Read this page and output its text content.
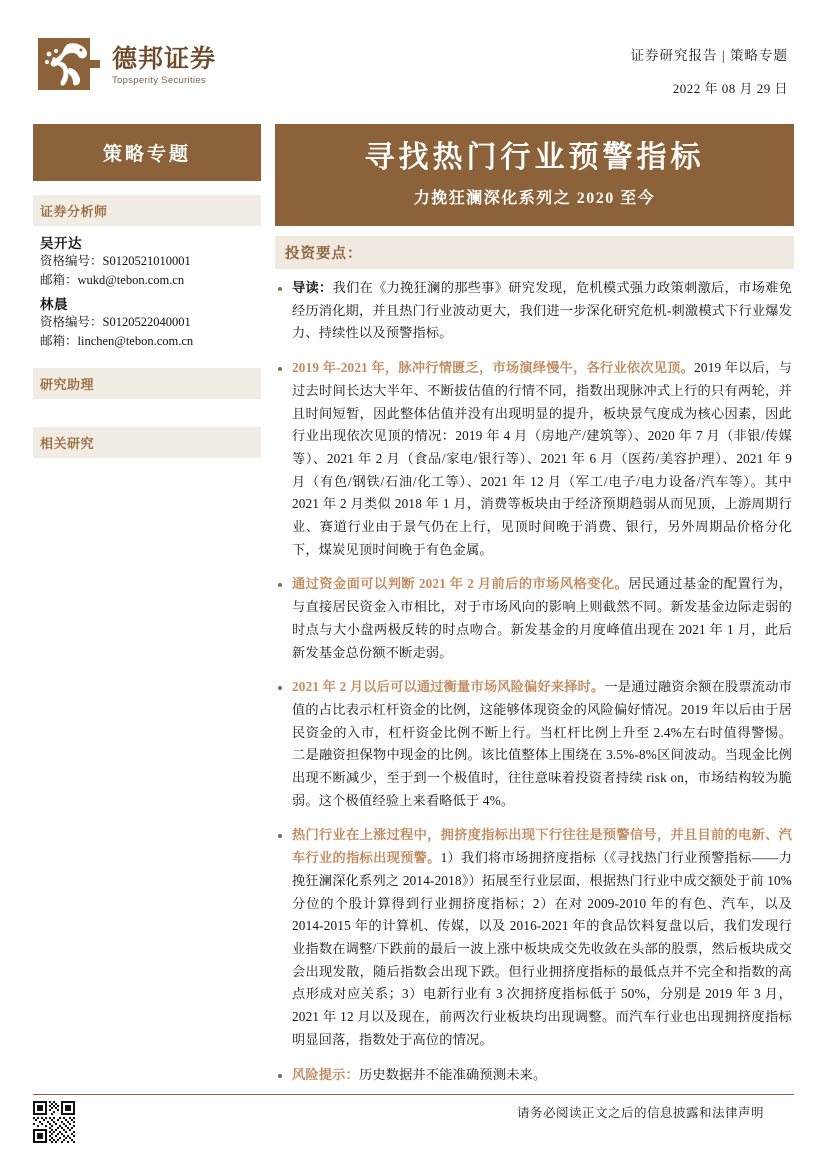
德邦证券
Topsperity Securities
证券研究报告 | 策略专题
2022 年 08 月 29 日
策略专题
证券分析师
吴开达
资格编号：S0120521010001
邮箱：wukd@tebon.com.cn
林晨
资格编号：S0120522040001
邮箱：linchen@tebon.com.cn
研究助理
相关研究
寻找热门行业预警指标
力挽狂澜深化系列之 2020 至今
投资要点：
导读：我们在《力挽狂澜的那些事》研究发现，危机模式强力政策刺激后，市场难免经历消化期，并且热门行业波动更大，我们进一步深化研究危机-刺激模式下行业爆发力、持续性以及预警指标。
2019 年-2021 年，脉冲行情匮乏，市场演绎慢牛，各行业依次见顶。2019 年以后，与过去时间长达大半年、不断拔估值的行情不同，指数出现脉冲式上行的只有两轮，并且时间短暂，因此整体估值并没有出现明显的提升，板块景气度成为核心因素，因此行业出现依次见顶的情况：2019 年 4 月（房地产/建筑等）、2020 年 7 月（非银/传媒等）、2021 年 2 月（食品/家电/银行等）、2021 年 6 月（医药/美容护理）、2021 年 9 月（有色/钢铁/石油/化工等）、2021 年 12 月（军工/电子/电力设备/汽车等）。其中 2021 年 2 月类似 2018 年 1 月，消费等板块由于经济预期趋弱从而见顶，上游周期行业、赛道行业由于景气仍在上行，见顶时间晚于消费、银行，另外周期品价格分化下，煤炭见顶时间晚于有色金属。
通过资金面可以判断 2021 年 2 月前后的市场风格变化。居民通过基金的配置行为，与直接居民资金入市相比，对于市场风向的影响上则截然不同。新发基金边际走弱的时点与大小盘两极反转的时点吻合。新发基金的月度峰值出现在 2021 年 1 月，此后新发基金总份额不断走弱。
2021 年 2 月以后可以通过衡量市场风险偏好来择时。一是通过融资余额在股票流动市值的占比表示杠杆资金的比例，这能够体现资金的风险偏好情况。2019 年以后由于居民资金的入市，杠杆资金比例不断上行。当杠杆比例上升至 2.4%左右时值得警惕。二是融资担保物中现金的比例。该比值整体上围绕在 3.5%-8%区间波动。当现金比例出现不断减少，至于到一个极值时，往往意味着投资者持续 risk on，市场结构较为脆弱。这个极值经验上来看略低于 4%。
热门行业在上涨过程中，拥挤度指标出现下行往往是预警信号，并且目前的电新、汽车行业的指标出现预警。1）我们将市场拥挤度指标（《寻找热门行业预警指标——力挽狂澜深化系列之 2014-2018》）拓展至行业层面，根据热门行业中成交额处于前 10%分位的个股计算得到行业拥挤度指标；2）在对 2009-2010 年的有色、汽车，以及 2014-2015 年的计算机、传媒，以及 2016-2021 年的食品饮料复盘以后，我们发现行业指数在调整/下跌前的最后一波上涨中板块成交先收敛在头部的股票，然后板块成交会出现发散，随后指数会出现下跌。但行业拥挤度指标的最低点并不完全和指数的高点形成对应关系；3）电新行业有 3 次拥挤度指标低于 50%，分别是 2019 年 3 月，2021 年 12 月以及现在，前两次行业板块均出现调整。而汽车行业也出现拥挤度指标明显回落，指数处于高位的情况。
风险提示：历史数据并不能准确预测未来。
请务必阅读正文之后的信息披露和法律声明
